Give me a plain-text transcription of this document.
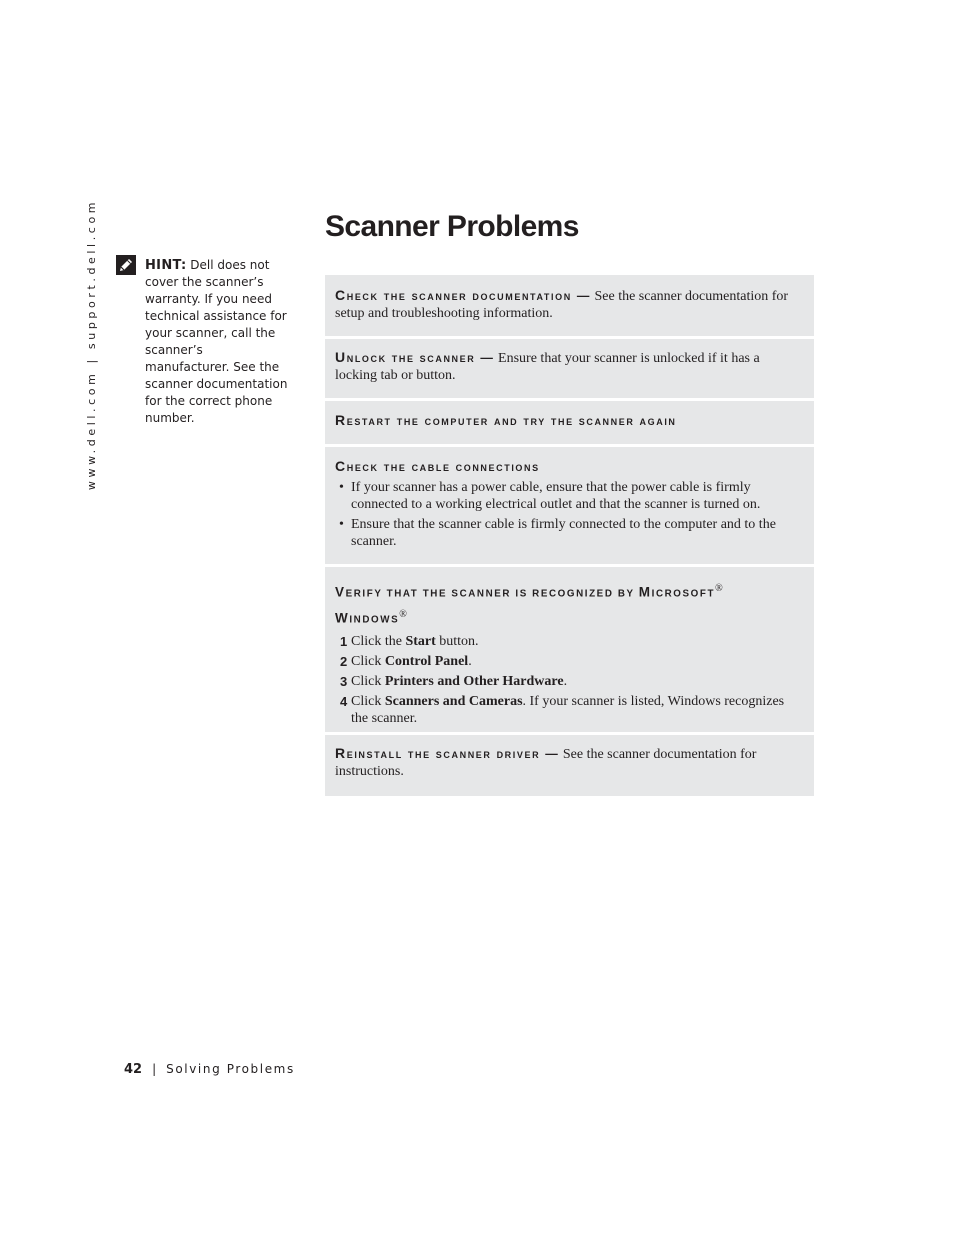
www.dell.com | support.dell.com	HINT: Dell does not cover the scanner’s warranty. If you need technical assistance for your scanner, call the scanner’s manufacturer. See the scanner documentation for the correct phone number.
Scanner Problems
Check the scanner documentation — See the scanner documentation for setup and troubleshooting information.
Unlock the scanner — Ensure that your scanner is unlocked if it has a locking tab or button.
Restart the computer and try the scanner again
Check the cable connections
• If your scanner has a power cable, ensure that the power cable is firmly connected to a working electrical outlet and that the scanner is turned on.
• Ensure that the scanner cable is firmly connected to the computer and to the scanner.
VERIFY THAT THE SCANNER IS RECOGNIZED BY MICROSOFT®
WINDOWS®
1 Click the Start button.
2 Click Control Panel.
3 Click Printers and Other Hardware.
4 Click Scanners and Cameras. If your scanner is listed, Windows recognizes the scanner.
Reinstall the scanner driver — See the scanner documentation for instructions.
42 | Solving Problems
